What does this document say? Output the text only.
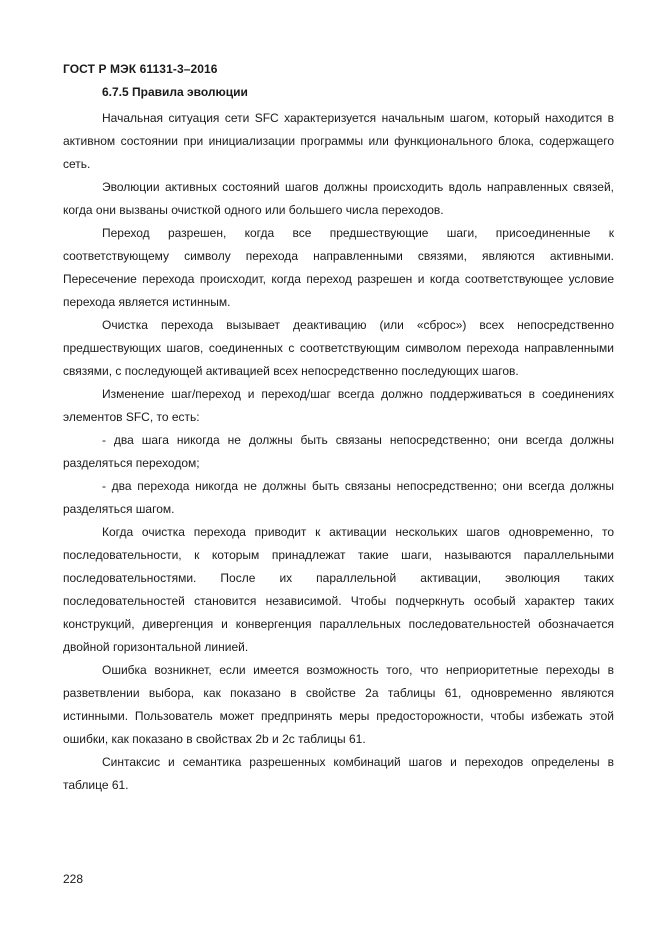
ГОСТ Р МЭК 61131-3–2016
6.7.5 Правила эволюции

Начальная ситуация сети SFC характеризуется начальным шагом, который находится в активном состоянии при инициализации программы или функционального блока, содержащего сеть.

Эволюции активных состояний шагов должны происходить вдоль направленных связей, когда они вызваны очисткой одного или большего числа переходов.

Переход разрешен, когда все предшествующие шаги, присоединенные к соответствующему символу перехода направленными связями, являются активными. Пересечение перехода происходит, когда переход разрешен и когда соответствующее условие перехода является истинным.

Очистка перехода вызывает деактивацию (или «сброс») всех непосредственно предшествующих шагов, соединенных с соответствующим символом перехода направленными связями, с последующей активацией всех непосредственно последующих шагов.

Изменение шаг/переход и переход/шаг всегда должно поддерживаться в соединениях элементов SFC, то есть:

- два шага никогда не должны быть связаны непосредственно; они всегда должны разделяться переходом;

- два перехода никогда не должны быть связаны непосредственно; они всегда должны разделяться шагом.

Когда очистка перехода приводит к активации нескольких шагов одновременно, то последовательности, к которым принадлежат такие шаги, называются параллельными последовательностями. После их параллельной активации, эволюция таких последовательностей становится независимой. Чтобы подчеркнуть особый характер таких конструкций, дивергенция и конвергенция параллельных последовательностей обозначается двойной горизонтальной линией.

Ошибка возникнет, если имеется возможность того, что неприоритетные переходы в разветвлении выбора, как показано в свойстве 2a таблицы 61, одновременно являются истинными. Пользователь может предпринять меры предосторожности, чтобы избежать этой ошибки, как показано в свойствах 2b и 2c таблицы 61.

Синтаксис и семантика разрешенных комбинаций шагов и переходов определены в таблице 61.

228
